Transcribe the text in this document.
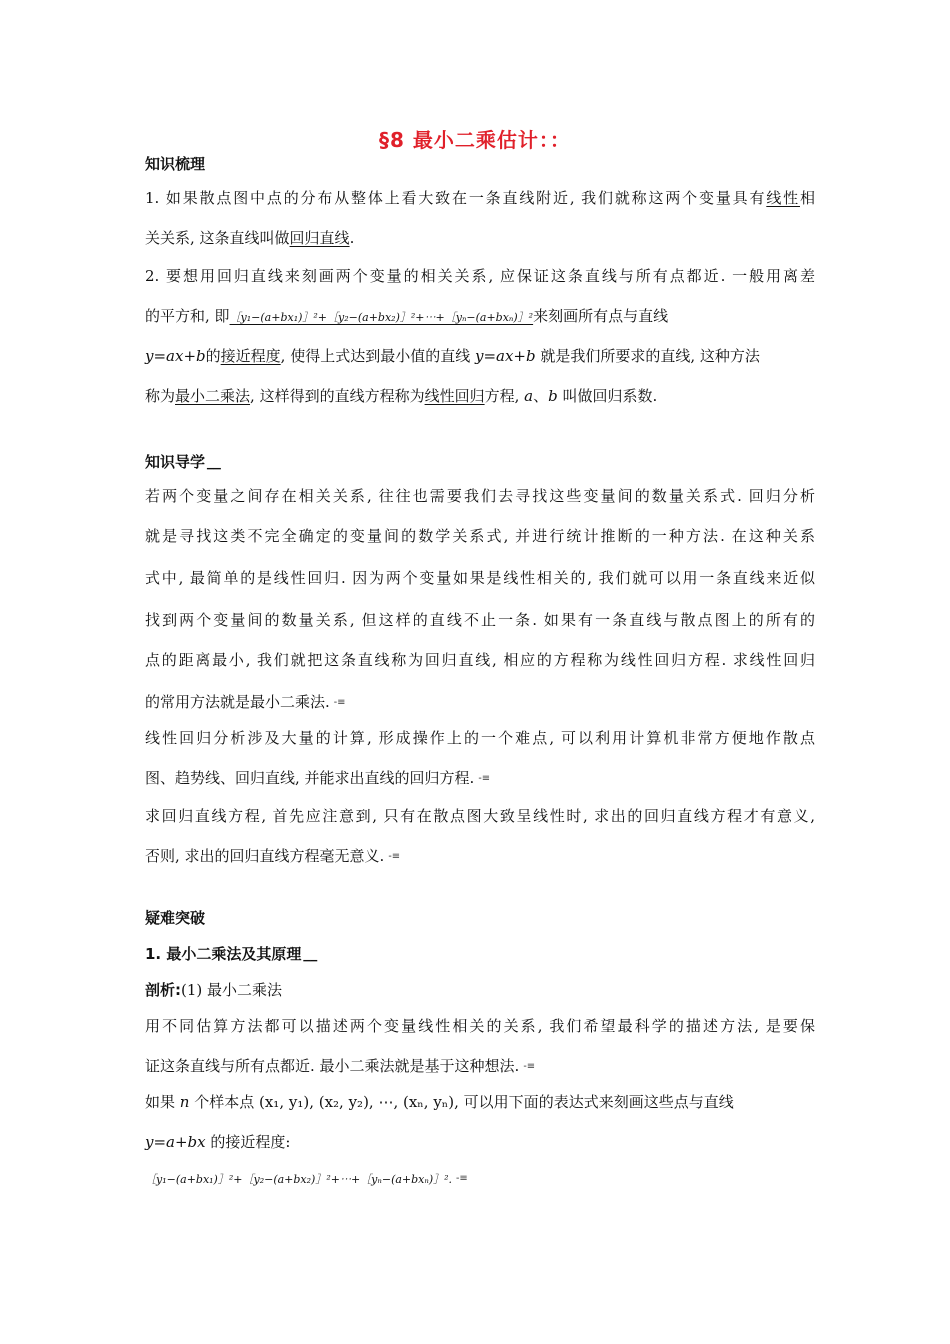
§8 最小二乘估计：：
知识梳理
1. 如果散点图中点的分布从整体上看大致在一条直线附近, 我们就称这两个变量具有线性相
关关系, 这条直线叫做回归直线.
2. 要想用回归直线来刻画两个变量的相关关系, 应保证这条直线与所有点都近. 一般用离差
的平方和, 即［y₁−(a+bx₁)］²+［y₂−(a+bx₂)］²+⋯+［yₙ−(a+bxₙ)］²来刻画所有点与直线
y=ax+b的接近程度, 使得上式达到最小值的直线 y=ax+b 就是我们所要求的直线, 这种方法
称为最小二乘法, 这样得到的直线方程称为线性回归方程, a、b 叫做回归系数.
知识导学 ▁▁
若两个变量之间存在相关关系, 往往也需要我们去寻找这些变量间的数量关系式. 回归分析
就是寻找这类不完全确定的变量间的数学关系式, 并进行统计推断的一种方法. 在这种关系
式中, 最简单的是线性回归. 因为两个变量如果是线性相关的, 我们就可以用一条直线来近似
找到两个变量间的数量关系, 但这样的直线不止一条. 如果有一条直线与散点图上的所有的
点的距离最小, 我们就把这条直线称为回归直线, 相应的方程称为线性回归方程. 求线性回归
的常用方法就是最小二乘法. -≡
线性回归分析涉及大量的计算, 形成操作上的一个难点, 可以利用计算机非常方便地作散点
图、趋势线、回归直线, 并能求出直线的回归方程. -≡
求回归直线方程, 首先应注意到, 只有在散点图大致呈线性时, 求出的回归直线方程才有意义,
否则, 求出的回归直线方程毫无意义. -≡
疑难突破
1. 最小二乘法及其原理 ▁▁
剖析:(1) 最小二乘法
用不同估算方法都可以描述两个变量线性相关的关系, 我们希望最科学的描述方法, 是要保
证这条直线与所有点都近. 最小二乘法就是基于这种想法. -≡
如果 n 个样本点 (x₁, y₁), (x₂, y₂), ⋯, (xₙ, yₙ), 可以用下面的表达式来刻画这些点与直线
y=a+bx 的接近程度:
［y₁−(a+bx₁)］²+［y₂−(a+bx₂)］²+⋯+［yₙ−(a+bxₙ)］². -≡
